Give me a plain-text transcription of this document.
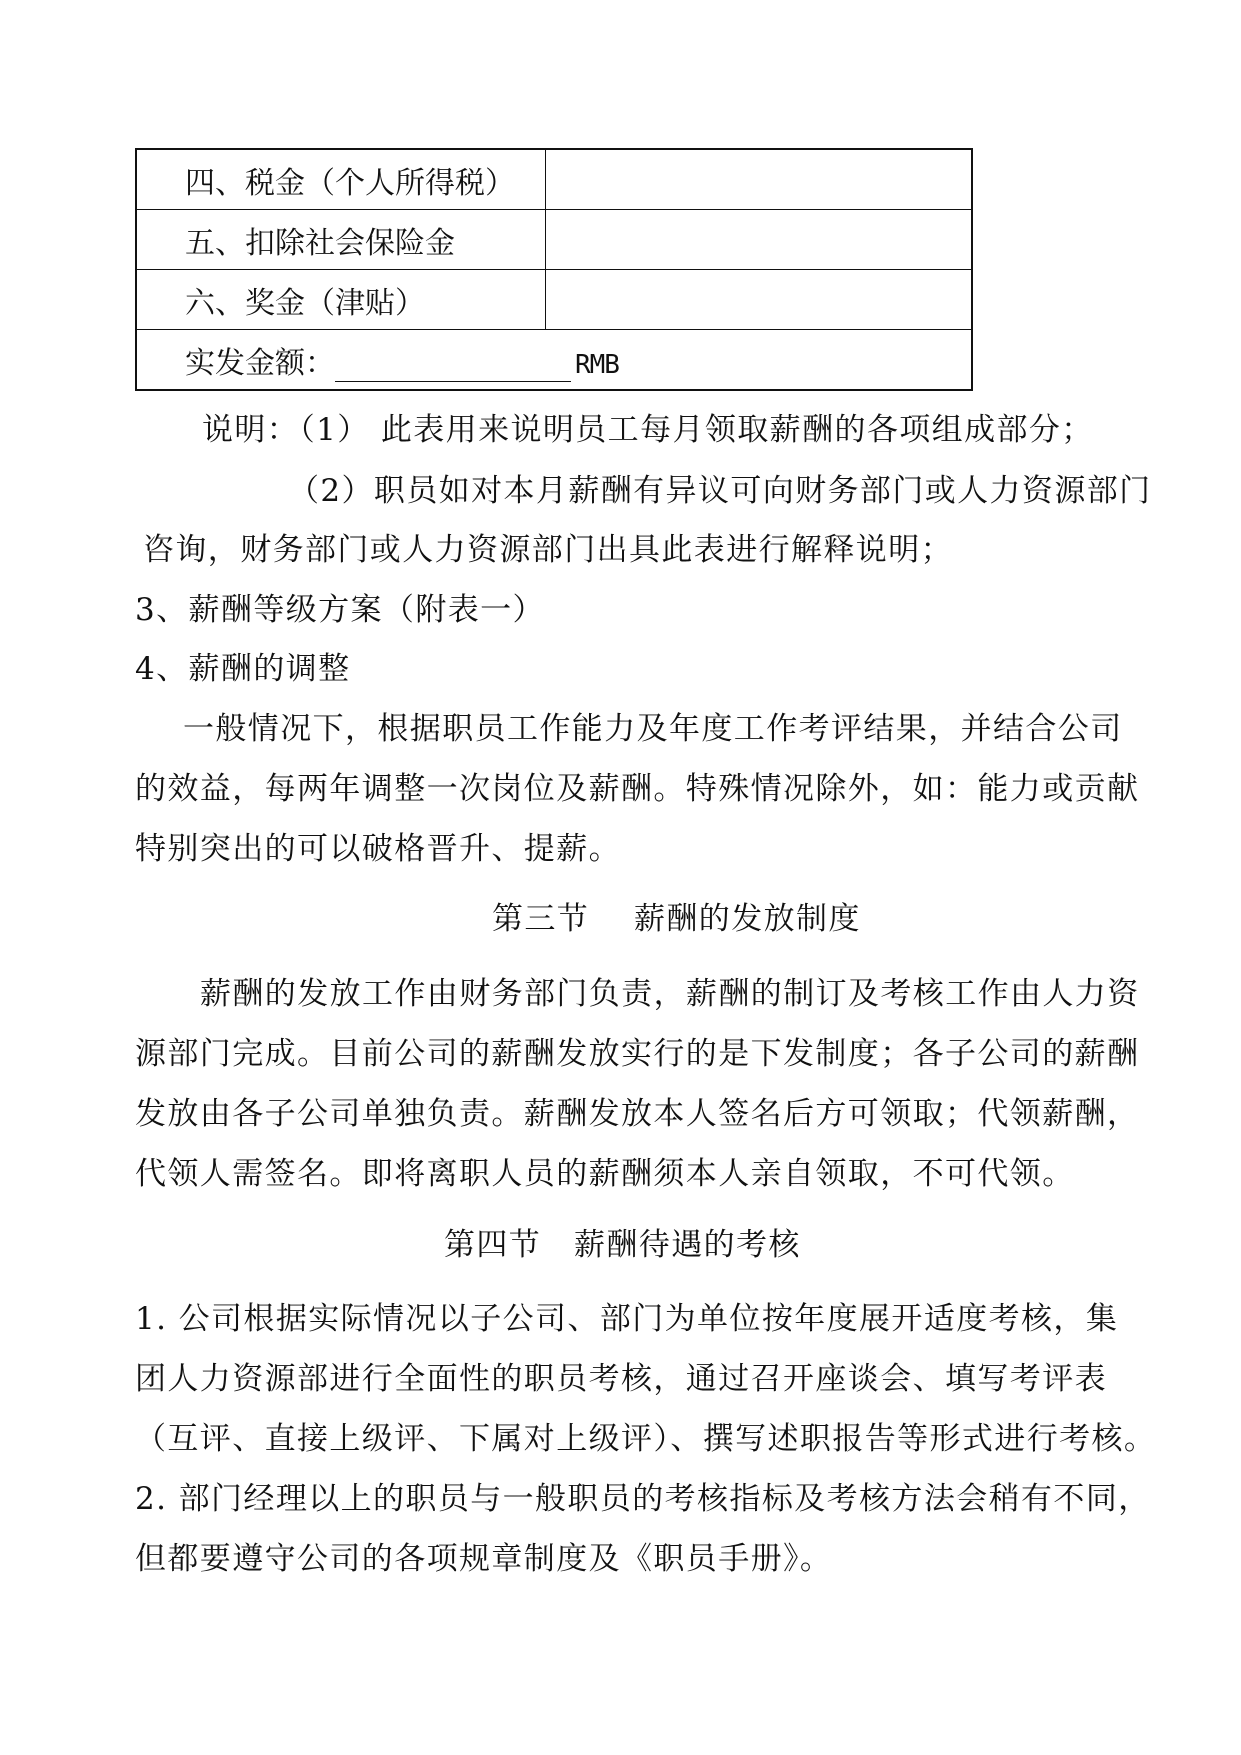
四、税金（个人所得税）	
五、扣除社会保险金	
六、奖金（津贴）	
实发金额： RMB	
说明：（1） 此表用来说明员工每月领取薪酬的各项组成部分；
（2）职员如对本月薪酬有异议可向财务部门或人力资源部门
咨询，财务部门或人力资源部门出具此表进行解释说明；
3、薪酬等级方案（附表一）
4、薪酬的调整
一般情况下，根据职员工作能力及年度工作考评结果，并结合公司
的效益，每两年调整一次岗位及薪酬。特殊情况除外，如：能力或贡献
特别突出的可以破格晋升、提薪。
第三节 薪酬的发放制度
薪酬的发放工作由财务部门负责，薪酬的制订及考核工作由人力资
源部门完成。目前公司的薪酬发放实行的是下发制度；各子公司的薪酬
发放由各子公司单独负责。薪酬发放本人签名后方可领取；代领薪酬，
代领人需签名。即将离职人员的薪酬须本人亲自领取，不可代领。
第四节 薪酬待遇的考核
1. 公司根据实际情况以子公司、部门为单位按年度展开适度考核，集
团人力资源部进行全面性的职员考核，通过召开座谈会、填写考评表
（互评、直接上级评、下属对上级评）、撰写述职报告等形式进行考核。
2. 部门经理以上的职员与一般职员的考核指标及考核方法会稍有不同，
但都要遵守公司的各项规章制度及《职员手册》。
